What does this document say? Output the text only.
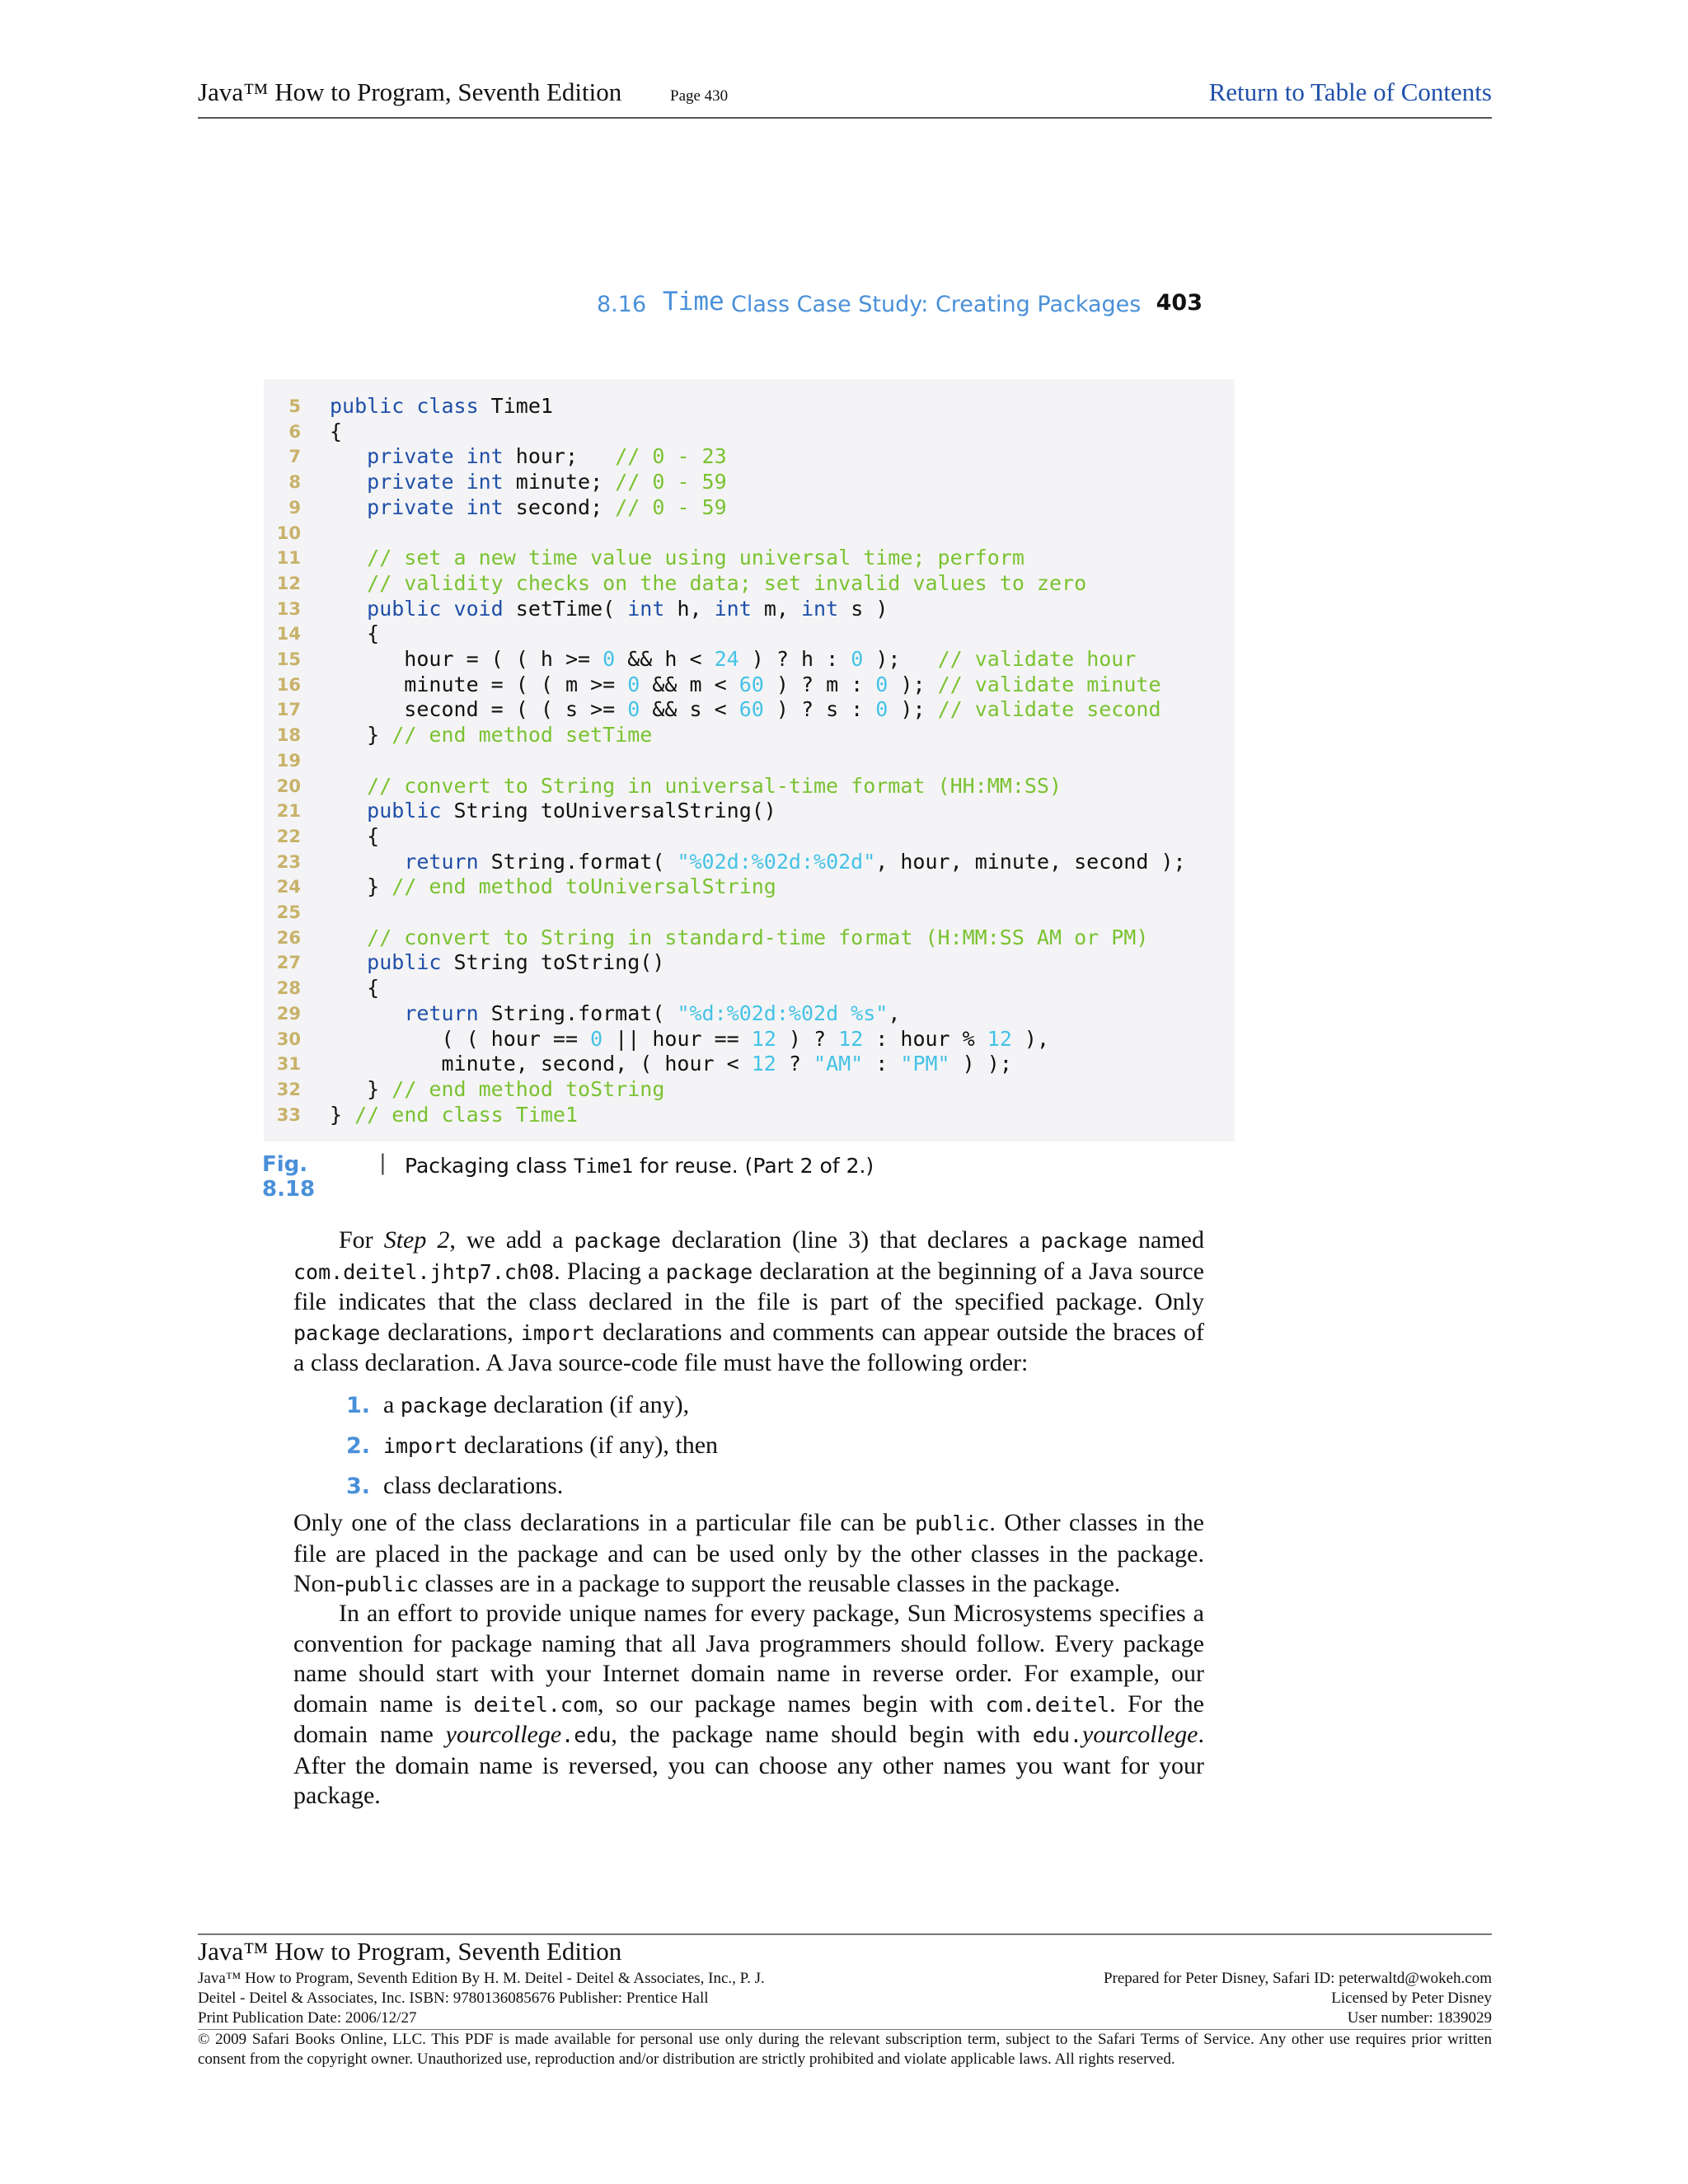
Java™ How to Program, Seventh Edition	Page 430	Return to Table of Contents
8.16 Time Class Case Study: Creating Packages 403
5 public class Time1
6 {
7	private int hour;   // 0 - 23
8	private int minute; // 0 - 59
9	private int second; // 0 - 59
10
11	// set a new time value using universal time; perform
12	// validity checks on the data; set invalid values to zero
13	public void setTime( int h, int m, int s )
14 {
15 hour = ( ( h >= 0 && h < 24 ) ? h : 0 );   // validate hour
16 minute = ( ( m >= 0 && m < 60 ) ? m : 0 ); // validate minute
17 second = ( ( s >= 0 && s < 60 ) ? s : 0 ); // validate second
18 } // end method setTime
19
20	// convert to String in universal-time format (HH:MM:SS)
21	public String toUniversalString()
22 {
23	return String.format( "%02d:%02d:%02d", hour, minute, second );
24 } // end method toUniversalString
25
26	// convert to String in standard-time format (H:MM:SS AM or PM)
27	public String toString()
28 {
29	return String.format( "%d:%02d:%02d %s",
30 ( ( hour == 0 || hour == 12 ) ? 12 : hour % 12 ),
31 minute, second, ( hour < 12 ? "AM" : "PM" ) );
32 } // end method toString
33 } // end class Time1
Fig. 8.18
| Packaging class Time1 for reuse. (Part 2 of 2.)
For Step 2, we add a package declaration (line 3) that declares a package named com.deitel.jhtp7.ch08. Placing a package declaration at the beginning of a Java source file indicates that the class declared in the file is part of the specified package. Only package declarations, import declarations and comments can appear outside the braces of a class declaration. A Java source-code file must have the following order:
1. a package declaration (if any),
2. import declarations (if any), then
3. class declarations.
Only one of the class declarations in a particular file can be public. Other classes in the file are placed in the package and can be used only by the other classes in the package. Non-public classes are in a package to support the reusable classes in the package.
In an effort to provide unique names for every package, Sun Microsystems specifies a convention for package naming that all Java programmers should follow. Every package name should start with your Internet domain name in reverse order. For example, our domain name is deitel.com, so our package names begin with com.deitel. For the domain name yourcollege.edu, the package name should begin with edu.yourcollege. After the domain name is reversed, you can choose any other names you want for your package.
Java™ How to Program, Seventh Edition
Java™ How to Program, Seventh Edition By H. M. Deitel - Deitel & Associates, Inc., P. J.
Deitel - Deitel & Associates, Inc. ISBN: 9780136085676 Publisher: Prentice Hall
Print Publication Date: 2006/12/27
Prepared for Peter Disney, Safari ID: peterwaltd@wokeh.com
Licensed by Peter Disney
User number: 1839029
© 2009 Safari Books Online, LLC. This PDF is made available for personal use only during the relevant subscription term, subject to the Safari Terms of Service. Any other use requires prior written consent from the copyright owner. Unauthorized use, reproduction and/or distribution are strictly prohibited and violate applicable laws. All rights reserved.
